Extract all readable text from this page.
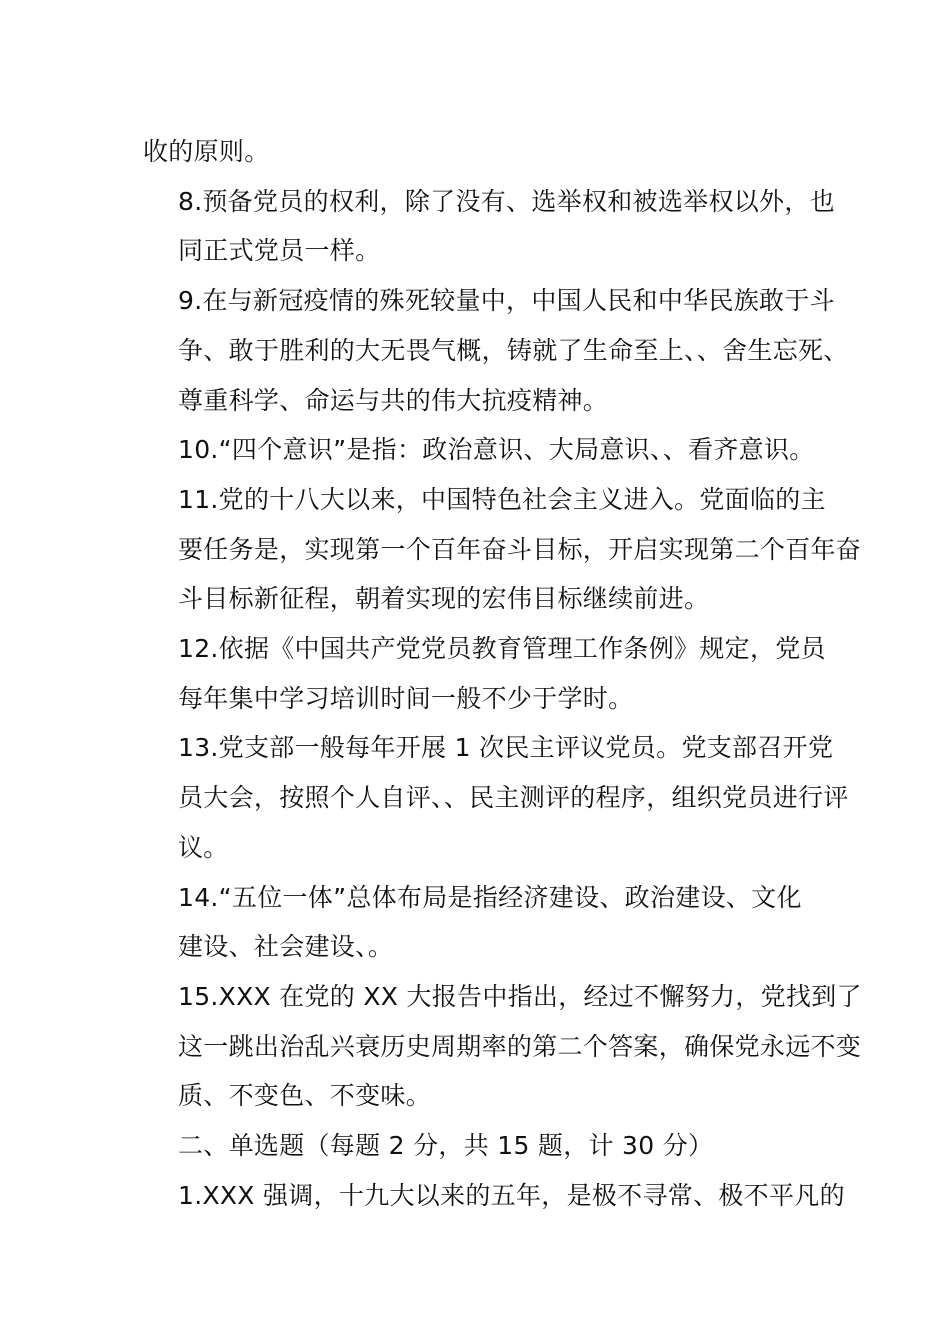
收的原则。

8.预备党员的权利，除了没有、选举权和被选举权以外，也
同正式党员一样。

9.在与新冠疫情的殊死较量中，中国人民和中华民族敢于斗
争、敢于胜利的大无畏气概，铸就了生命至上、、舍生忘死、
尊重科学、命运与共的伟大抗疫精神。

10.“四个意识”是指：政治意识、大局意识、、看齐意识。

11.党的十八大以来，中国特色社会主义进入。党面临的主
要任务是，实现第一个百年奋斗目标，开启实现第二个百年奋
斗目标新征程，朝着实现的宏伟目标继续前进。

12.依据《中国共产党党员教育管理工作条例》规定，党员
每年集中学习培训时间一般不少于学时。

13.党支部一般每年开展 1 次民主评议党员。党支部召开党
员大会，按照个人自评、、民主测评的程序，组织党员进行评
议。

14.“五位一体”总体布局是指经济建设、政治建设、文化
建设、社会建设、。

15.XXX 在党的 XX 大报告中指出，经过不懈努力，党找到了
这一跳出治乱兴衰历史周期率的第二个答案，确保党永远不变
质、不变色、不变味。

二、单选题（每题 2 分，共 15 题，计 30 分）

1.XXX 强调，十九大以来的五年，是极不寻常、极不平凡的
